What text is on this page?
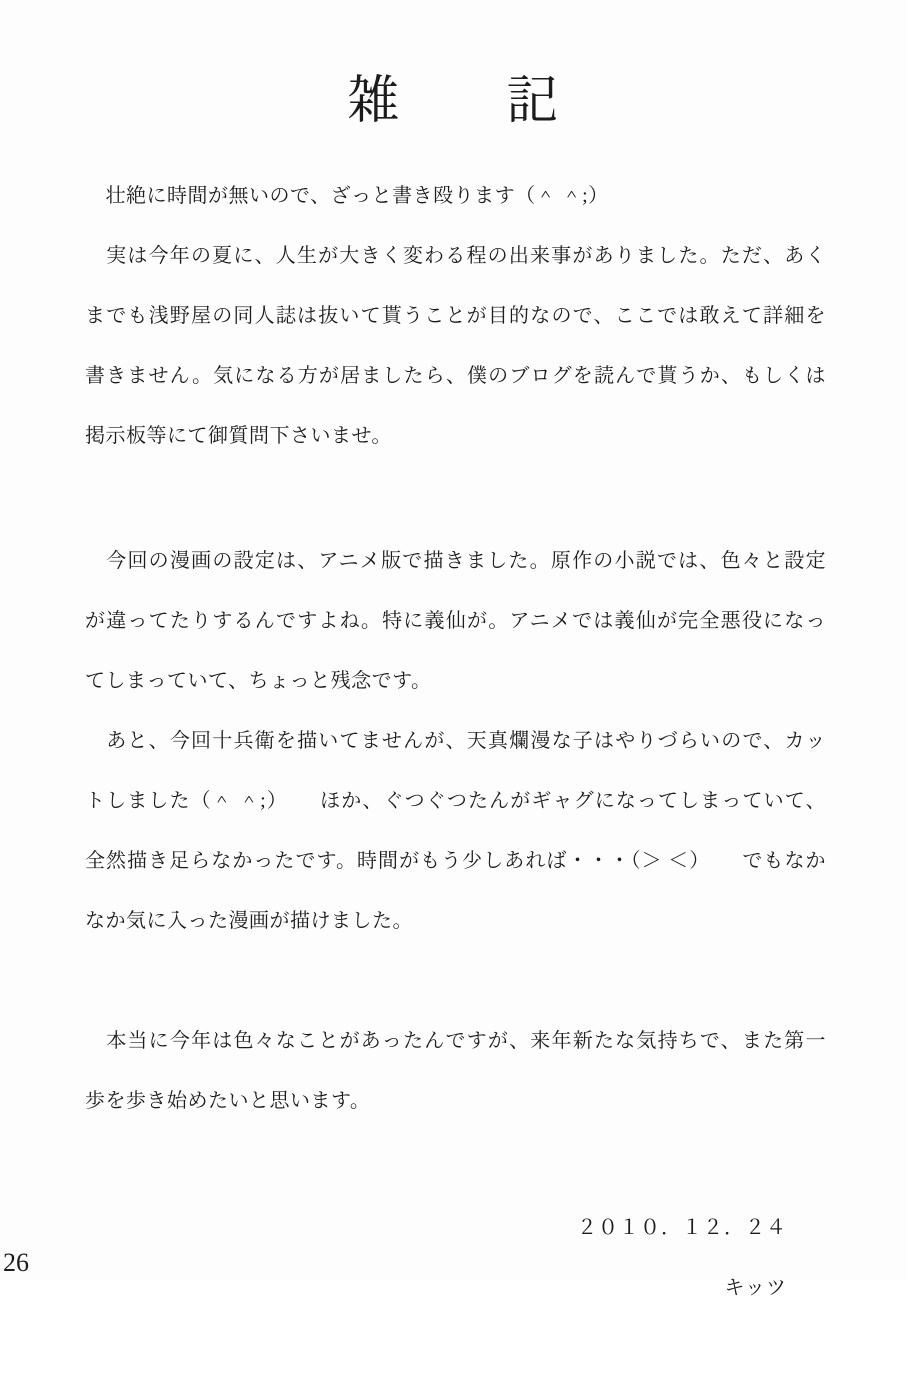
雑　　記
　壮絶に時間が無いので、ざっと書き殴ります（＾ ＾;）
　実は今年の夏に、人生が大きく変わる程の出来事がありました。ただ、あく
までも浅野屋の同人誌は抜いて貰うことが目的なので、ここでは敢えて詳細を
書きません。気になる方が居ましたら、僕のブログを読んで貰うか、もしくは
掲示板等にて御質問下さいませ。
　今回の漫画の設定は、アニメ版で描きました。原作の小説では、色々と設定
が違ってたりするんですよね。特に義仙が。アニメでは義仙が完全悪役になっ
てしまっていて、ちょっと残念です。
　あと、今回十兵衛を描いてませんが、天真爛漫な子はやりづらいので、カッ
トしました（＾ ＾;）　　ほか、ぐつぐつたんがギャグになってしまっていて、
全然描き足らなかったです。時間がもう少しあれば・・・（＞ ＜）　　でもなか
なか気に入った漫画が描けました。
　本当に今年は色々なことがあったんですが、来年新たな気持ちで、また第一
歩を歩き始めたいと思います。

２０１０．１２．２４
キッツ

26
